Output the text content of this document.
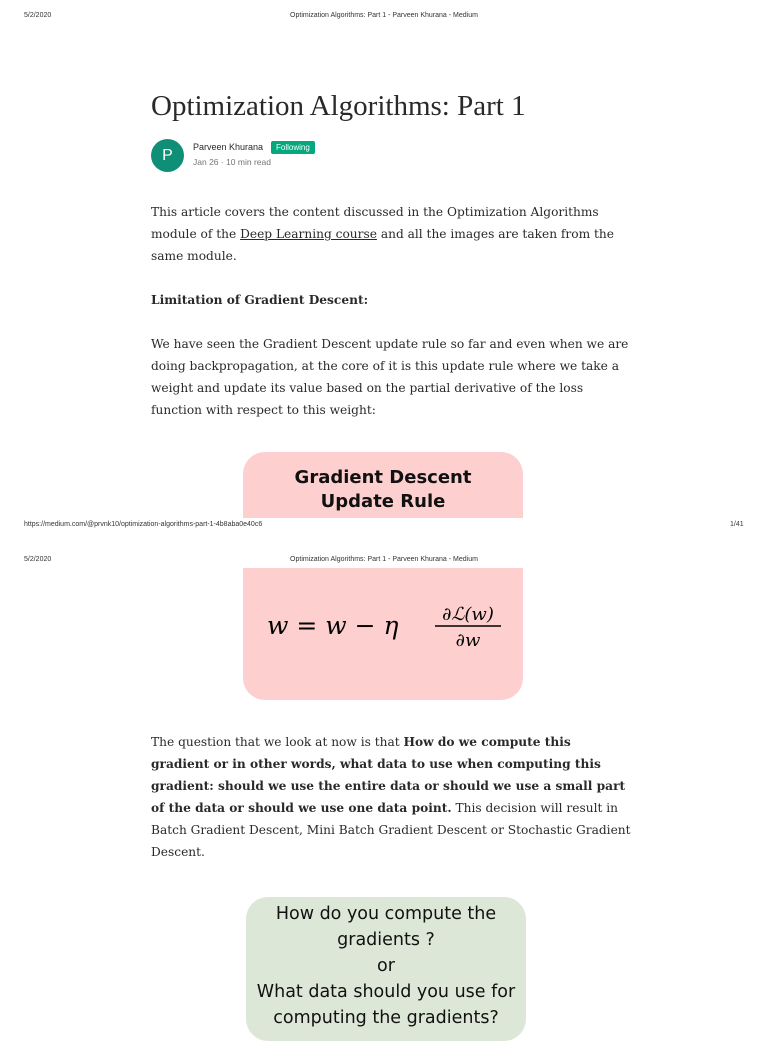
5/2/2020	Optimization Algorithms: Part 1 - Parveen Khurana - Medium
Optimization Algorithms: Part 1
P Parveen Khurana	Following
Jan 26 · 10 min read

This article covers the content discussed in the Optimization Algorithms module of the Deep Learning course and all the images are taken from the same module.

Limitation of Gradient Descent:

We have seen the Gradient Descent update rule so far and even when we are doing backpropagation, at the core of it is this update rule where we take a weight and update its value based on the partial derivative of the loss function with respect to this weight:

Gradient Descent
Update Rule
https://medium.com/@prvnk10/optimization-algorithms-part-1-4b8aba0e40c6	1/41
5/2/2020	Optimization Algorithms: Part 1 - Parveen Khurana - Medium
w = w − η ∂ℒ(w)
∂w

The question that we look at now is that How do we compute this gradient or in other words, what data to use when computing this gradient: should we use the entire data or should we use a small part of the data or should we use one data point. This decision will result in Batch Gradient Descent, Mini Batch Gradient Descent or Stochastic Gradient Descent.

How do you compute the
gradients ?
or
What data should you use for
computing the gradients?
